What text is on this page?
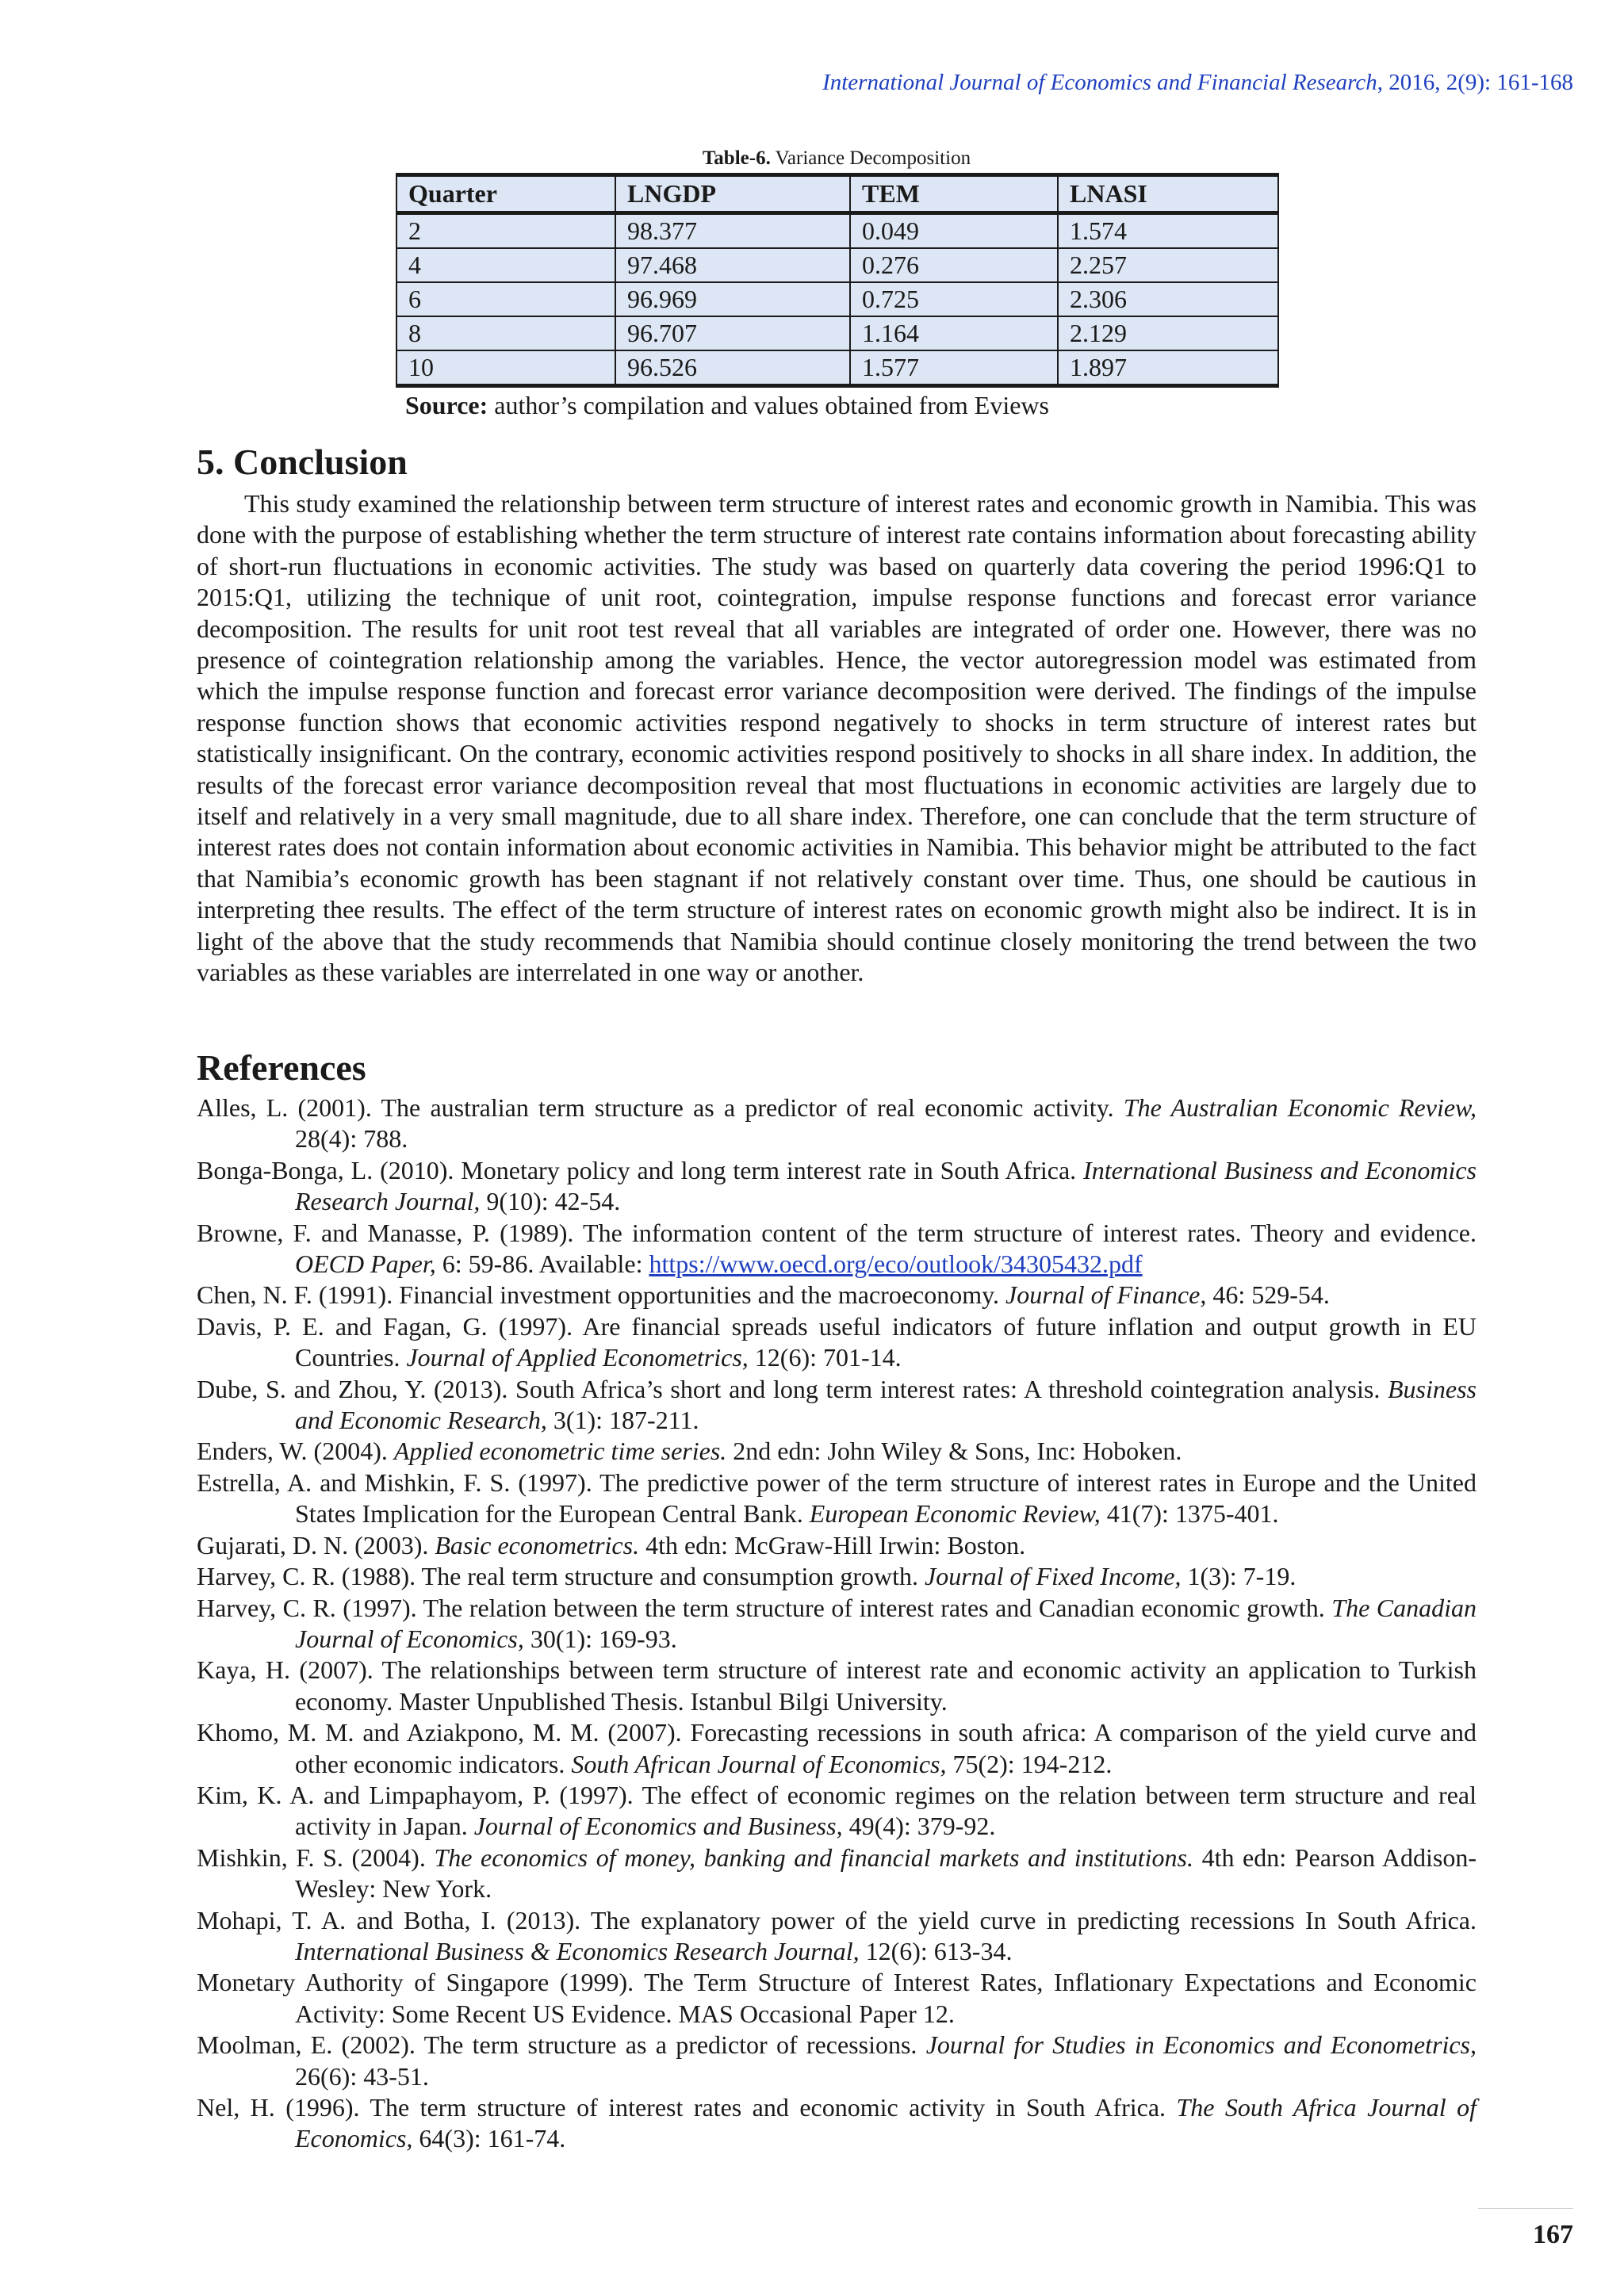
International Journal of Economics and Financial Research, 2016, 2(9): 161-168
Table-6. Variance Decomposition
Quarter	LNGDP	TEM	LNASI
2	98.377	0.049	1.574
4	97.468	0.276	2.257
6	96.969	0.725	2.306
8	96.707	1.164	2.129
10	96.526	1.577	1.897
Source: author’s compilation and values obtained from Eviews
5. Conclusion

This study examined the relationship between term structure of interest rates and economic growth in Namibia. This was done with the purpose of establishing whether the term structure of interest rate contains information about forecasting ability of short-run fluctuations in economic activities. The study was based on quarterly data covering the period 1996:Q1 to 2015:Q1, utilizing the technique of unit root, cointegration, impulse response functions and forecast error variance decomposition. The results for unit root test reveal that all variables are integrated of order one. However, there was no presence of cointegration relationship among the variables. Hence, the vector autoregression model was estimated from which the impulse response function and forecast error variance decomposition were derived. The findings of the impulse response function shows that economic activities respond negatively to shocks in term structure of interest rates but statistically insignificant. On the contrary, economic activities respond positively to shocks in all share index. In addition, the results of the forecast error variance decomposition reveal that most fluctuations in economic activities are largely due to itself and relatively in a very small magnitude, due to all share index. Therefore, one can conclude that the term structure of interest rates does not contain information about economic activities in Namibia. This behavior might be attributed to the fact that Namibia’s economic growth has been stagnant if not relatively constant over time. Thus, one should be cautious in interpreting thee results. The effect of the term structure of interest rates on economic growth might also be indirect. It is in light of the above that the study recommends that Namibia should continue closely monitoring the trend between the two variables as these variables are interrelated in one way or another.

References
Alles, L. (2001). The australian term structure as a predictor of real economic activity. The Australian Economic Review, 28(4): 788.
Bonga-Bonga, L. (2010). Monetary policy and long term interest rate in South Africa. International Business and Economics Research Journal, 9(10): 42-54.
Browne, F. and Manasse, P. (1989). The information content of the term structure of interest rates. Theory and evidence. OECD Paper, 6: 59-86. Available: https://www.oecd.org/eco/outlook/34305432.pdf
Chen, N. F. (1991). Financial investment opportunities and the macroeconomy. Journal of Finance, 46: 529-54.
Davis, P. E. and Fagan, G. (1997). Are financial spreads useful indicators of future inflation and output growth in EU Countries. Journal of Applied Econometrics, 12(6): 701-14.
Dube, S. and Zhou, Y. (2013). South Africa’s short and long term interest rates: A threshold cointegration analysis. Business and Economic Research, 3(1): 187-211.
Enders, W. (2004). Applied econometric time series. 2nd edn: John Wiley & Sons, Inc: Hoboken.
Estrella, A. and Mishkin, F. S. (1997). The predictive power of the term structure of interest rates in Europe and the United States Implication for the European Central Bank. European Economic Review, 41(7): 1375-401.
Gujarati, D. N. (2003). Basic econometrics. 4th edn: McGraw-Hill Irwin: Boston.
Harvey, C. R. (1988). The real term structure and consumption growth. Journal of Fixed Income, 1(3): 7-19.
Harvey, C. R. (1997). The relation between the term structure of interest rates and Canadian economic growth. The Canadian Journal of Economics, 30(1): 169-93.
Kaya, H. (2007). The relationships between term structure of interest rate and economic activity an application to Turkish economy. Master Unpublished Thesis. Istanbul Bilgi University.
Khomo, M. M. and Aziakpono, M. M. (2007). Forecasting recessions in south africa: A comparison of the yield curve and other economic indicators. South African Journal of Economics, 75(2): 194-212.
Kim, K. A. and Limpaphayom, P. (1997). The effect of economic regimes on the relation between term structure and real activity in Japan. Journal of Economics and Business, 49(4): 379-92.
Mishkin, F. S. (2004). The economics of money, banking and financial markets and institutions. 4th edn: Pearson Addison-Wesley: New York.
Mohapi, T. A. and Botha, I. (2013). The explanatory power of the yield curve in predicting recessions In South Africa. International Business & Economics Research Journal, 12(6): 613-34.
Monetary Authority of Singapore (1999). The Term Structure of Interest Rates, Inflationary Expectations and Economic Activity: Some Recent US Evidence. MAS Occasional Paper 12.
Moolman, E. (2002). The term structure as a predictor of recessions. Journal for Studies in Economics and Econometrics, 26(6): 43-51.
Nel, H. (1996). The term structure of interest rates and economic activity in South Africa. The South Africa Journal of Economics, 64(3): 161-74.
167
